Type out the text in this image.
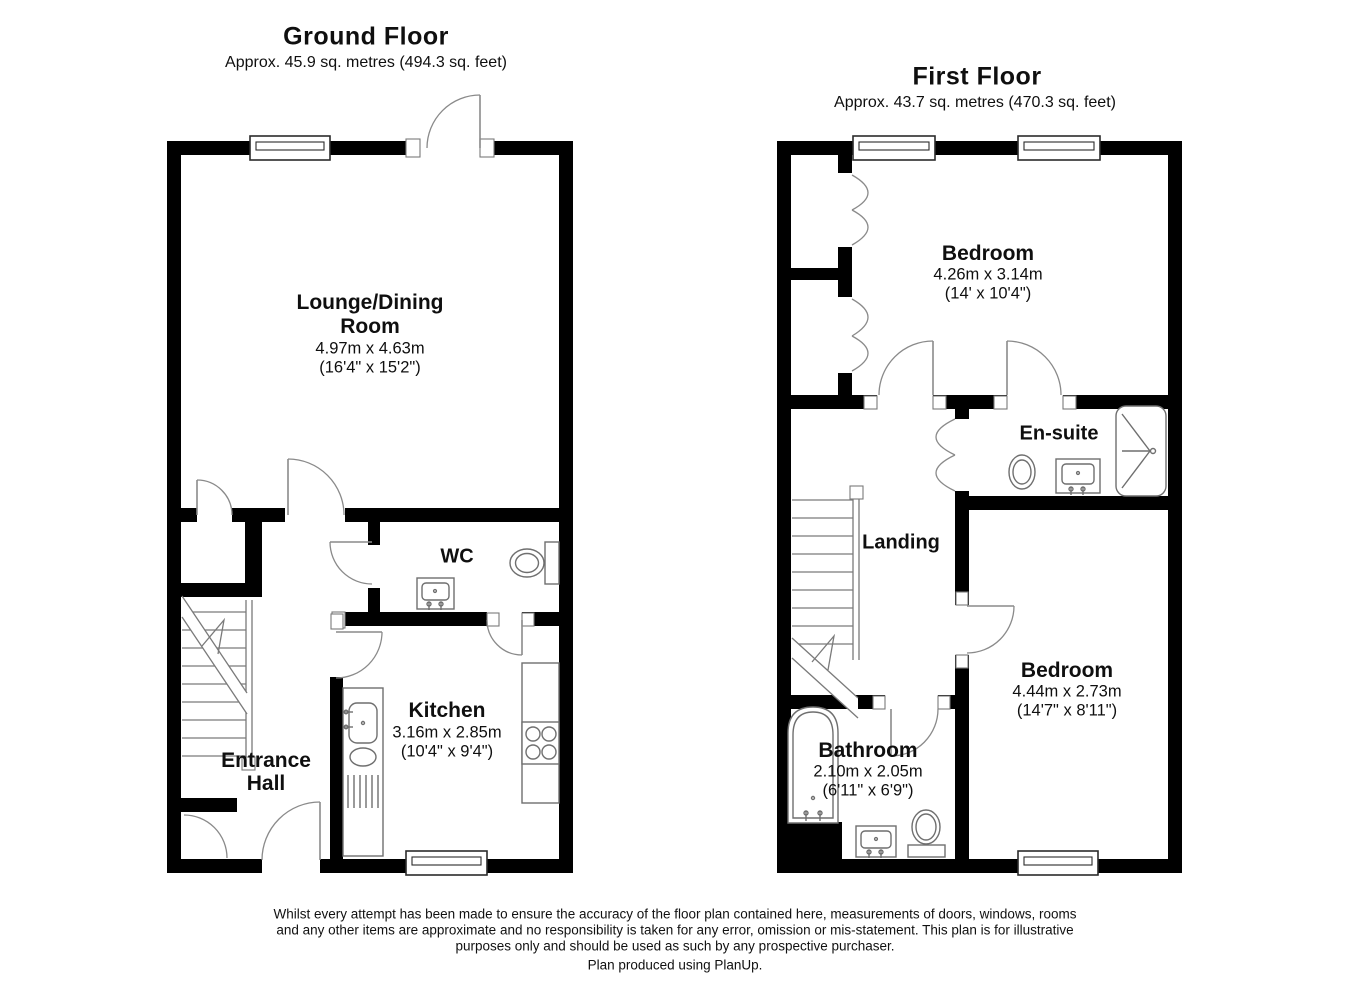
Ground Floor
Approx. 45.9 sq. metres (494.3 sq. feet)
Lounge/Dining
Room
4.97m x 4.63m
(16'4" x 15'2")
WC
Kitchen
3.16m x 2.85m
(10'4" x 9'4")
Entrance
Hall
First Floor
Approx. 43.7 sq. metres (470.3 sq. feet)
Bedroom
4.26m x 3.14m
(14' x 10'4")
En-suite
Landing
Bedroom
4.44m x 2.73m
(14'7" x 8'11")
Bathroom
2.10m x 2.05m
(6'11" x 6'9")
Whilst every attempt has been made to ensure the accuracy of the floor plan contained here, measurements of doors, windows, rooms
and any other items are approximate and no responsibility is taken for any error, omission or mis-statement. This plan is for illustrative
purposes only and should be used as such by any prospective purchaser.
Plan produced using PlanUp.
